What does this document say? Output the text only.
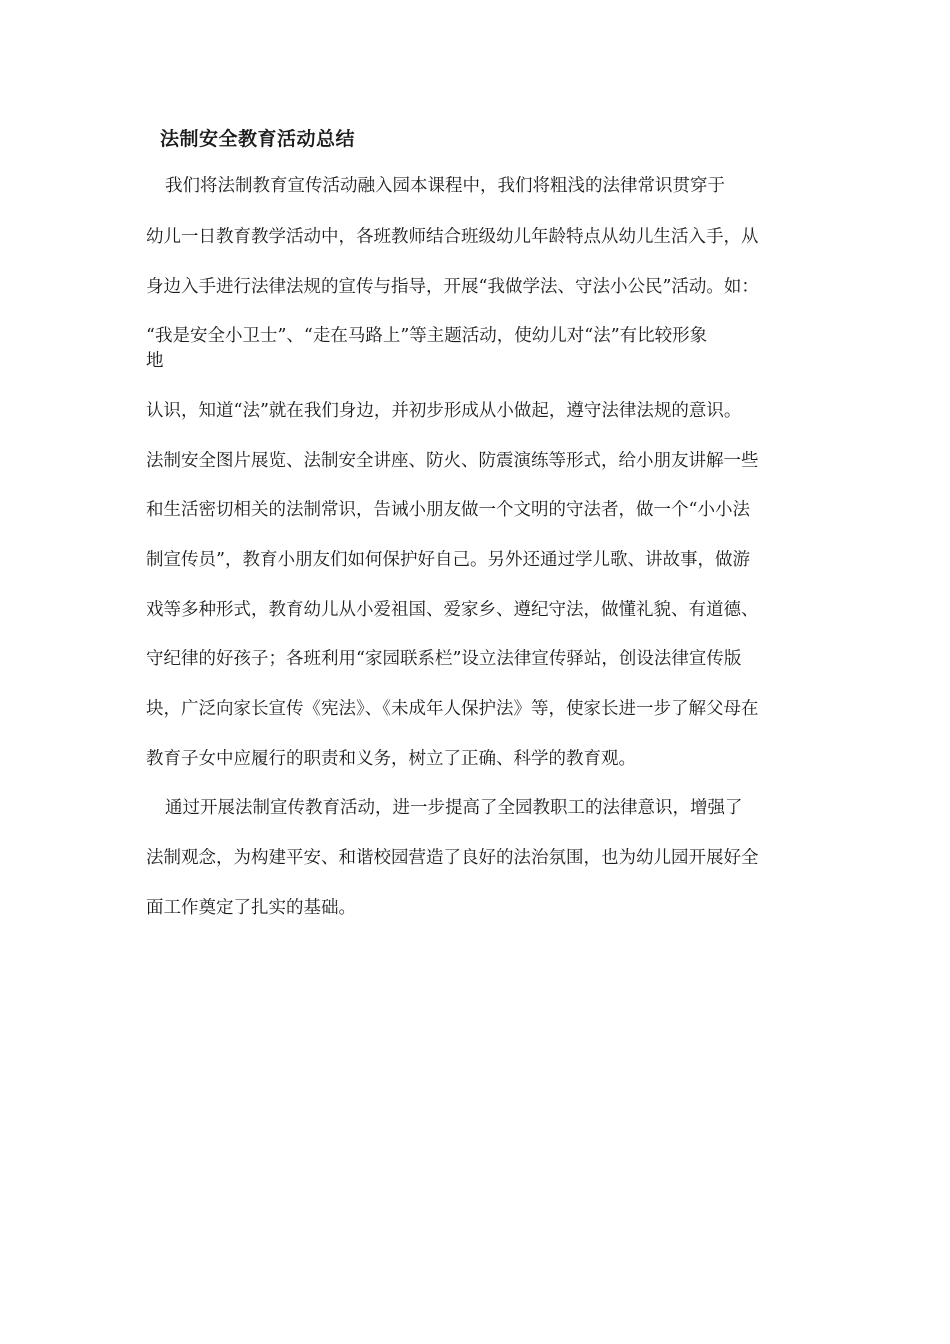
法制安全教育活动总结
我们将法制教育宣传活动融入园本课程中，我们将粗浅的法律常识贯穿于
幼儿一日教育教学活动中，各班教师结合班级幼儿年龄特点从幼儿生活入手，从
身边入手进行法律法规的宣传与指导，开展“我做学法、守法小公民”活动。如：
“我是安全小卫士”、“走在马路上”等主题活动，使幼儿对“法”有比较形象
地
认识，知道“法”就在我们身边，并初步形成从小做起，遵守法律法规的意识。
法制安全图片展览、法制安全讲座、防火、防震演练等形式，给小朋友讲解一些
和生活密切相关的法制常识，告诫小朋友做一个文明的守法者，做一个“小小法
制宣传员”，教育小朋友们如何保护好自己。另外还通过学儿歌、讲故事，做游
戏等多种形式，教育幼儿从小爱祖国、爱家乡、遵纪守法，做懂礼貌、有道德、
守纪律的好孩子；各班利用“家园联系栏”设立法律宣传驿站，创设法律宣传版
块，广泛向家长宣传《宪法》、《未成年人保护法》等，使家长进一步了解父母在
教育子女中应履行的职责和义务，树立了正确、科学的教育观。
通过开展法制宣传教育活动，进一步提高了全园教职工的法律意识，增强了
法制观念，为构建平安、和谐校园营造了良好的法治氛围，也为幼儿园开展好全
面工作奠定了扎实的基础。
